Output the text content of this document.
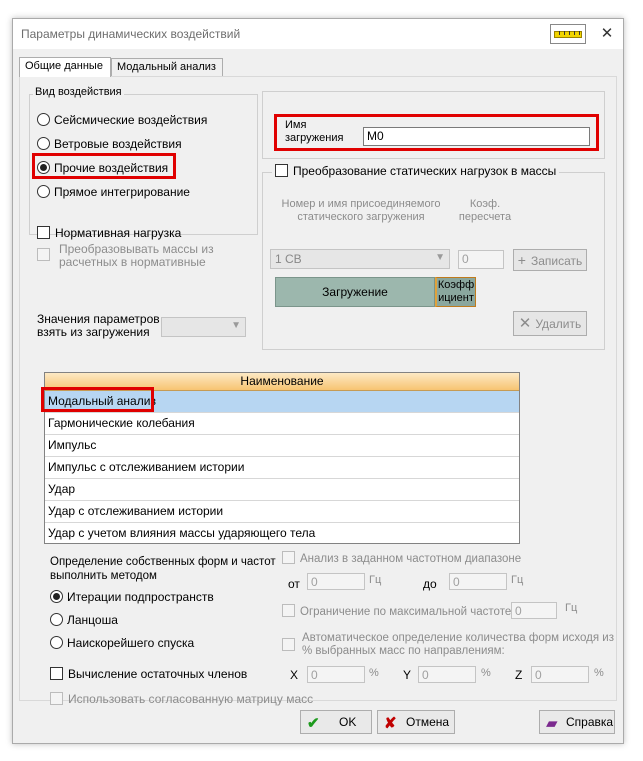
Параметры динамических воздействий	✕
Общие данные	Модальный анализ
Вид воздействия
Сейсмические воздействия
Ветровые воздействия
Прочие воздействия
Прямое интегрирование
Нормативная нагрузка
Преобразовывать массы из
расчетных в нормативные
Значения параметров
взять из загружения	▼
Имя
загружения	М0
Преобразование статических нагрузок в массы
Номер и имя присоединяемого
статического загружения
Коэф.
пересчета
1 СВ	▼	0	+ Записать
Загружение	Коэфф
ициент
✕ Удалить
Наименование
Модальный анализ
Гармонические колебания
Импульс
Импульс с отслеживанием истории
Удар
Удар с отслеживанием истории
Удар с учетом влияния массы ударяющего тела
Определение собственных форм и частот
выполнить методом
Итерации подпространств
Ланцоша
Наискорейшего спуска
Вычисление остаточных членов
Использовать согласованную матрицу масс
Анализ в заданном частотном диапазоне
от 0	Гц	до	0	Гц
Ограничение по максимальной частоте 0	Гц
Автоматическое определение количества форм исходя из
% выбранных масс по направлениям:
X	0	% Y 0	% Z	0	%
✔ OK ✘ Отмена	▰ Справка
